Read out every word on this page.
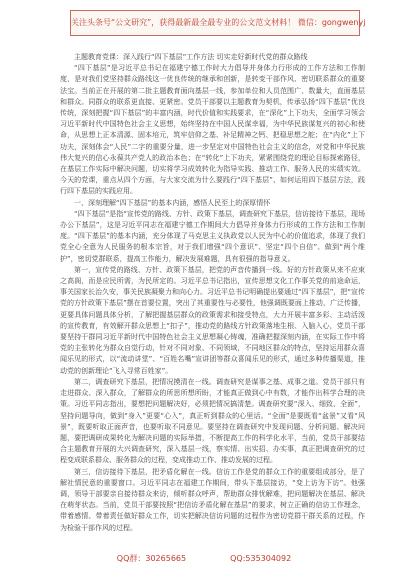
关注头条号“公文研究”，获得最新最全最专业的公文范文材料！ 微信：gongwenyj

主题教育党课：深入践行“四下基层”工作方法 切实走好新时代党的群众路线

“四下基层”是习近平总书记在福建宁德工作时大力倡导并身体力行形成的工作方法和工作制度，是对我们党坚持群众路线这一优良传统的继承和创新，是转变干部作风、密切联系群众的重要法宝。当前正在开展的第二批主题教育面向基层一线，参加单位和人员范围广、数量大，直面基层和群众。同群众的联系更直接、更紧密。党员干部要以主题教育为契机，传承弘扬“四下基层”优良传统，深刻把握“四下基层”的丰富内涵，时代价值和实践要求，在“深化”上下功夫，全面学习领会习近平新时代中国特色社会主义思想，始终坚持在中国人民谋幸福，为中华民族谋复兴的初心和使命，从思想上正本清源、固本培元，筑牢信仰之基、补足精神之钙、把稳思想之舵；在“内化”上下功夫，深刻体会“人民”二字的重要分量，进一步坚定对中国特色社会主义的信念，对党和中华民族伟大复兴的信心永葆共产党人的政治本色；在“转化”上下功夫，紧紧围绕党的理论目标探索路径，在基层工作实际中解决问题，切实将学习成效转化为指导实践、推动工作、服务人民的实绩实效。今天的党课，重点从四个方面，与大家交流为什么要践行“四下基层”、如何运用四下基层方法，践行四下基层的实践应用。

一、深刻理解“四下基层”的基本内涵，感悟人民至上的深厚情怀

“四下基层”是指“宣传党的路线、方针、政策下基层，调查研究下基层，信访接待下基层，现场办公下基层”，这是习近平同志在福建宁德工作期间大力倡导并身体力行形成的工作方法和工作制度。“四下基层”的基本内涵，充分体现了马克思主义执政党以人民为中心的价值追求，体现了我们党全心全意为人民服务的根本宗旨，对于我们增强“四个意识”、坚定“四个自信”、做到“两个维护”，密切党群联系，提高工作能力，解决发展难题，具有很强的指导意义。

第一，宣传党的路线、方针、政策下基层，把党的声音传播到一线。好的方针政策从来不应束之高阁，而是应民所需，为民所定的。习近平总书记指出，宣传思想文化工作事关党的前途命运，事关国家长治久安，事关民族凝聚力和向心力。习近平总书记明确提出要通过“四下基层”，把“宣传党的方针政策下基层”摆在首要位置，突出了其重要性与必要性，他强调既要面上推动，广泛传播，更要具体问题具体分析，了解把握基层群众的政策需求和接受特点，大力开展丰富多彩、主动活泼的宣传教育，有效解开群众思想上“扣子”，推动党的路线方针政策落地生根、入脑入心，党员干部要坚持干群同习近平新时代中国特色社会主义思想凝心铸魂，准确把握深刻内涵，在实际工作中将党的主张转化为群众自觉行动，针对不同对象、不同领域，不同地区群众的特点，坚持运用群众喜闻乐见的形式，以“流动讲堂”、“百姓名嘴”宣讲团等群众喜闻乐见的形式，通过多种传播渠道，推动党的创新理论“飞入寻常百姓家”。

第二，调查研究下基层，把情况摸清在一线。调查研究是谋事之基、成事之道。党员干部只有走进群众、深入群众，了解群众的所思所想所盼，才能真正做到心中有数，才能作出科学合理的决策。习近平同志指出，要想把问题解决好，必须把情况搞清楚。调查研究要“深入、细致、全面”，坚持问题导向，做到“身入”更要“心入”，真正听到群众的心里话。“全面”是要既看“盆景”又看“风景”，既要听取正面声音，也要听取不同意见。要坚持在调查研究中发现问题、分析问题、解决问题，要把调研成果转化为解决问题的实际举措，不断提高工作的科学化水平，当前，党员干部要结合主题教育开展的大兴调查研究，深入基层一线，察实情、出实招、办实事，真正把调查研究的过程变成联系群众、服务群众的过程，变成推动工作、推动发展的过程。

第三，信访接待下基层，把矛盾化解在一线。信访工作是党的群众工作的重要组成部分，是了解社情民意的重要窗口。习近平同志在福建工作期间，带头下基层接访，“变上访为下访”。他强调，领导干部要亲自接待群众来访，倾听群众呼声，帮助群众排忧解难，把问题解决在基层、解决在萌芽状态。当前，党员干部要按照“把信访矛盾化解在基层”的要求，树立正确的信访工作理念，带着感情、带着责任做好群众工作，切实把解决信访问题的过程作为密切党群干群关系的过程，作为检验干部作风的过程。

QQ群：30265665	QQ:535304092
